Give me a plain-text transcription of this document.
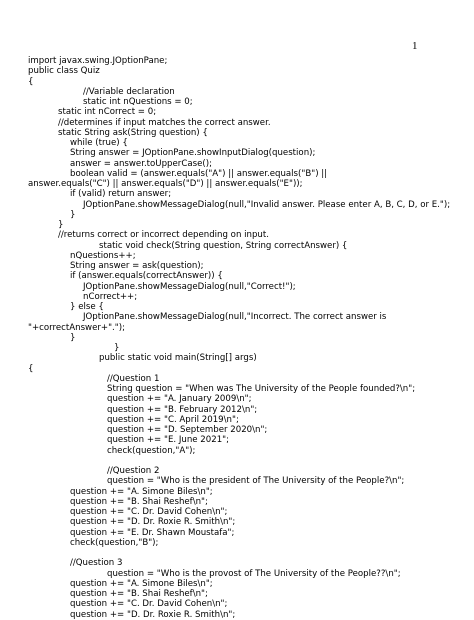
1
import javax.swing.JOptionPane;
public class Quiz
{
//Variable declaration
static int nQuestions = 0;
static int nCorrect = 0;
//determines if input matches the correct answer.
static String ask(String question) {
while (true) {
String answer = JOptionPane.showInputDialog(question);
answer = answer.toUpperCase();
boolean valid = (answer.equals("A") || answer.equals("B") ||
answer.equals("C") || answer.equals("D") || answer.equals("E"));
if (valid) return answer;
JOptionPane.showMessageDialog(null,"Invalid answer. Please enter A, B, C, D, or E.");
}
}
//returns correct or incorrect depending on input.
static void check(String question, String correctAnswer) {
nQuestions++;
String answer = ask(question);
if (answer.equals(correctAnswer)) {
JOptionPane.showMessageDialog(null,"Correct!");
nCorrect++;
} else {
JOptionPane.showMessageDialog(null,"Incorrect. The correct answer is
"+correctAnswer+".");
}
}
public static void main(String[] args)
{
//Question 1
String question = "When was The University of the People founded?\n";
question += "A. January 2009\n";
question += "B. February 2012\n";
question += "C. April 2019\n";
question += "D. September 2020\n";
question += "E. June 2021";
check(question,"A");
//Question 2
question = "Who is the president of The University of the People?\n";
question += "A. Simone Biles\n";
question += "B. Shai Reshef\n";
question += "C. Dr. David Cohen\n";
question += "D. Dr. Roxie R. Smith\n";
question += "E. Dr. Shawn Moustafa";
check(question,"B");
//Question 3
question = "Who is the provost of The University of the People??\n";
question += "A. Simone Biles\n";
question += "B. Shai Reshef\n";
question += "C. Dr. David Cohen\n";
question += "D. Dr. Roxie R. Smith\n";
